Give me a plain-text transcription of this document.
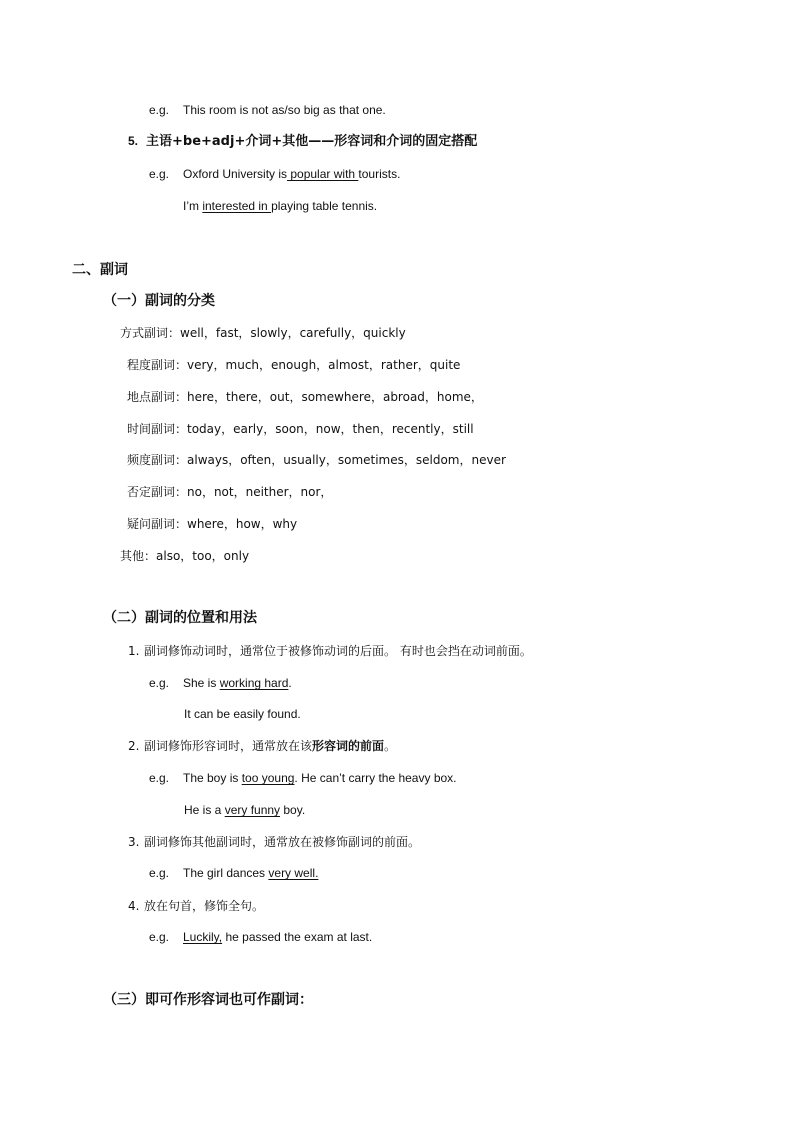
e.g. This room is not as/so big as that one.
5. 主语+be+adj+介词+其他——形容词和介词的固定搭配
e.g. Oxford University is popular with tourists.
I’m interested in playing table tennis.
二、副词
（一）副词的分类
方式副词：well，fast，slowly，carefully，quickly
程度副词：very，much，enough，almost，rather，quite
地点副词：here，there，out，somewhere，abroad，home，
时间副词：today，early，soon，now，then，recently，still
频度副词：always，often，usually，sometimes，seldom，never
否定副词：no，not，neither，nor，
疑问副词：where，how，why
其他：also，too，only
（二）副词的位置和用法
1. 副词修饰动词时，通常位于被修饰动词的后面。 有时也会挡在动词前面。
e.g. She is working hard.
It can be easily found.
2. 副词修饰形容词时，通常放在该形容词的前面。
e.g. The boy is too young. He can’t carry the heavy box.
He is a very funny boy.
3. 副词修饰其他副词时，通常放在被修饰副词的前面。
e.g. The girl dances very well.
4. 放在句首，修饰全句。
e.g. Luckily, he passed the exam at last.
（三）即可作形容词也可作副词：
